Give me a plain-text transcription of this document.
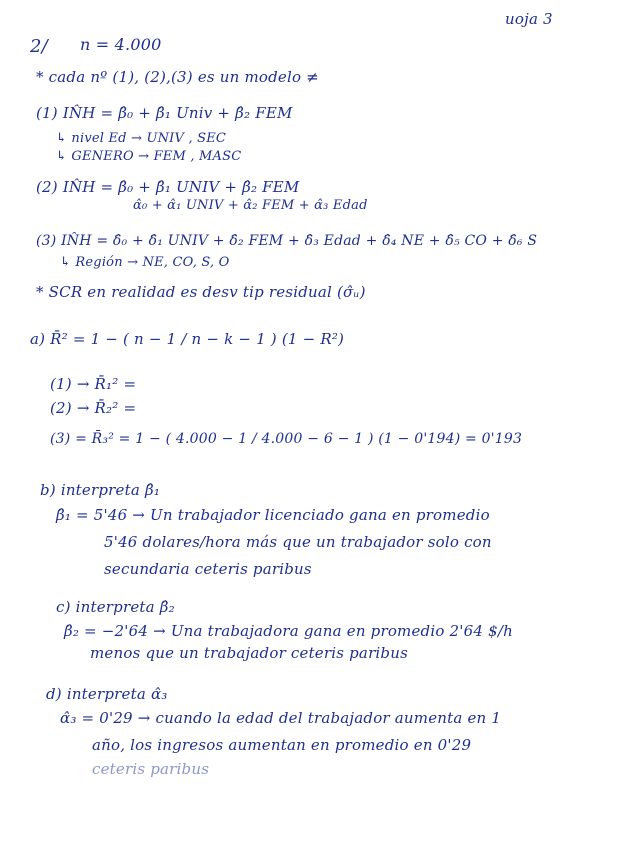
uoja 3
2/ n = 4.000
* cada nº (1), (2),(3) es un modelo ≠
(1) IN̂H = β̂₀ + β̂₁ Univ + β̂₂ FEM
↳ nivel Ed → UNIV , SEC
↳ GENERO → FEM , MASC
(2) IN̂H = β̂₀ + β̂₁ UNIV + β̂₂ FEM
α̂₀ + α̂₁ UNIV + α̂₂ FEM + α̂₃ Edad
(3) IN̂H = δ̂₀ + δ̂₁ UNIV + δ̂₂ FEM + δ̂₃ Edad + δ̂₄ NE + δ̂₅ CO + δ̂₆ S
↳ Región → NE, CO, S, O
* SCR en realidad es desv tip residual (σ̂ᵤ)
a) R̄² = 1 − ( n − 1 / n − k − 1 ) (1 − R²)
(1) → R̄₁² =
(2) → R̄₂² =
(3) = R̄₃² = 1 − ( 4.000 − 1 / 4.000 − 6 − 1 ) (1 − 0'194) = 0'193
b) interpreta β̂₁
β̂₁ = 5'46 → Un trabajador licenciado gana en promedio
5'46 dolares/hora más que un trabajador solo con
secundaria ceteris paribus
c) interpreta β̂₂
β̂₂ = −2'64 → Una trabajadora gana en promedio 2'64 $/h
menos que un trabajador ceteris paribus
d) interpreta α̂₃
α̂₃ = 0'29 → cuando la edad del trabajador aumenta en 1
año, los ingresos aumentan en promedio en 0'29
ceteris paribus
